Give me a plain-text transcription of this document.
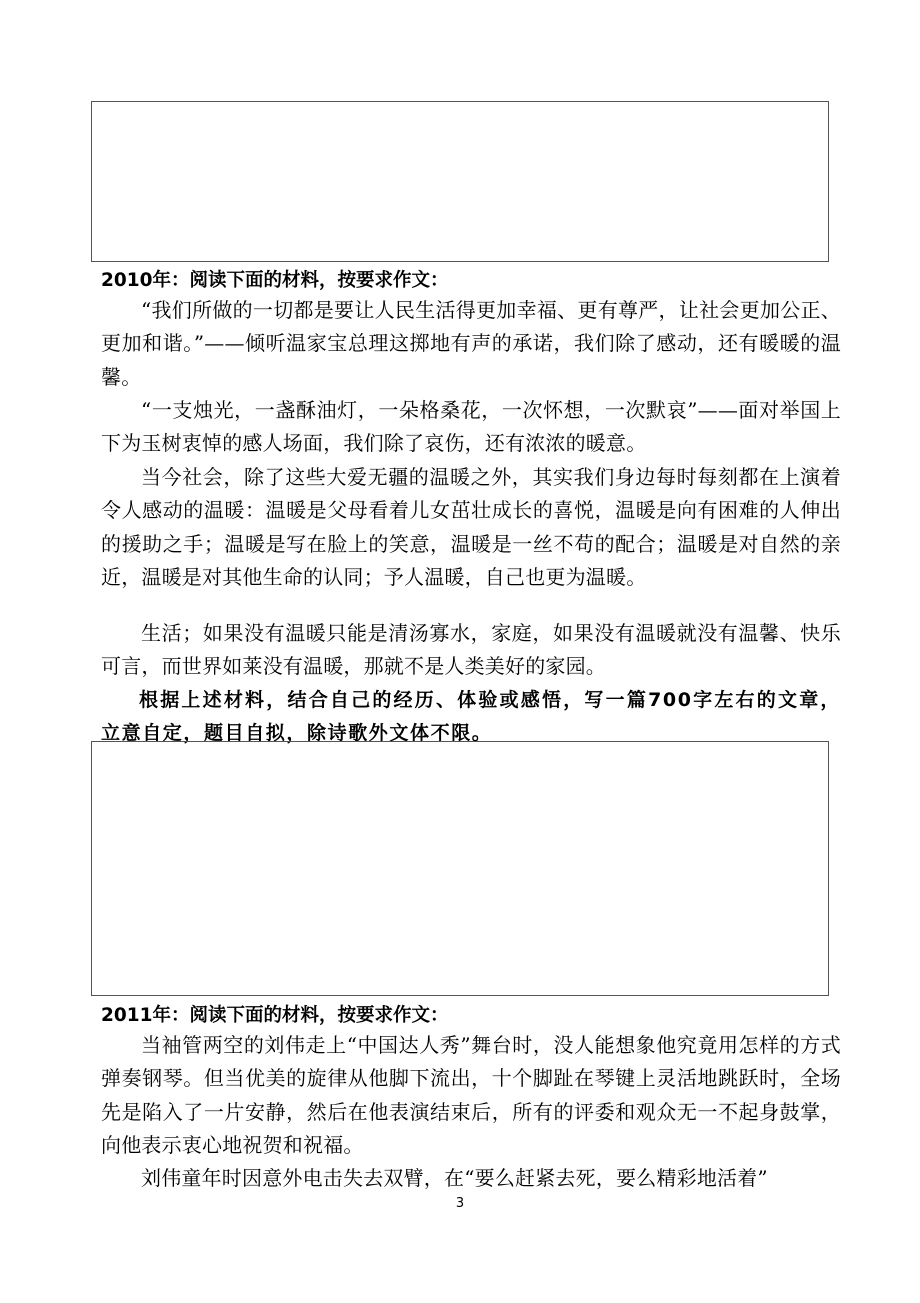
2010年：阅读下面的材料，按要求作文：
“我们所做的一切都是要让人民生活得更加幸福、更有尊严，让社会更加公正、更加和谐。”——倾听温家宝总理这掷地有声的承诺，我们除了感动，还有暖暖的温馨。
“一支烛光，一盏酥油灯，一朵格桑花，一次怀想，一次默哀”——面对举国上下为玉树衷悼的感人场面，我们除了哀伤，还有浓浓的暖意。
当今社会，除了这些大爱无疆的温暖之外，其实我们身边每时每刻都在上演着令人感动的温暖：温暖是父母看着儿女茁壮成长的喜悦，温暖是向有困难的人伸出的援助之手；温暖是写在脸上的笑意，温暖是一丝不苟的配合；温暖是对自然的亲近，温暖是对其他生命的认同；予人温暖，自己也更为温暖。
生活；如果没有温暖只能是清汤寡水，家庭，如果没有温暖就没有温馨、快乐可言，而世界如莱没有温暖，那就不是人类美好的家园。
根据上述材料，结合自己的经历、体验或感悟，写一篇700字左右的文章，立意自定，题目自拟，除诗歌外文体不限。
2011年：阅读下面的材料，按要求作文：
当袖管两空的刘伟走上“中国达人秀”舞台时，没人能想象他究竟用怎样的方式弹奏钢琴。但当优美的旋律从他脚下流出，十个脚趾在琴键上灵活地跳跃时，全场先是陷入了一片安静，然后在他表演结束后，所有的评委和观众无一不起身鼓掌，向他表示衷心地祝贺和祝福。
刘伟童年时因意外电击失去双臂，在“要么赶紧去死，要么精彩地活着”
3
